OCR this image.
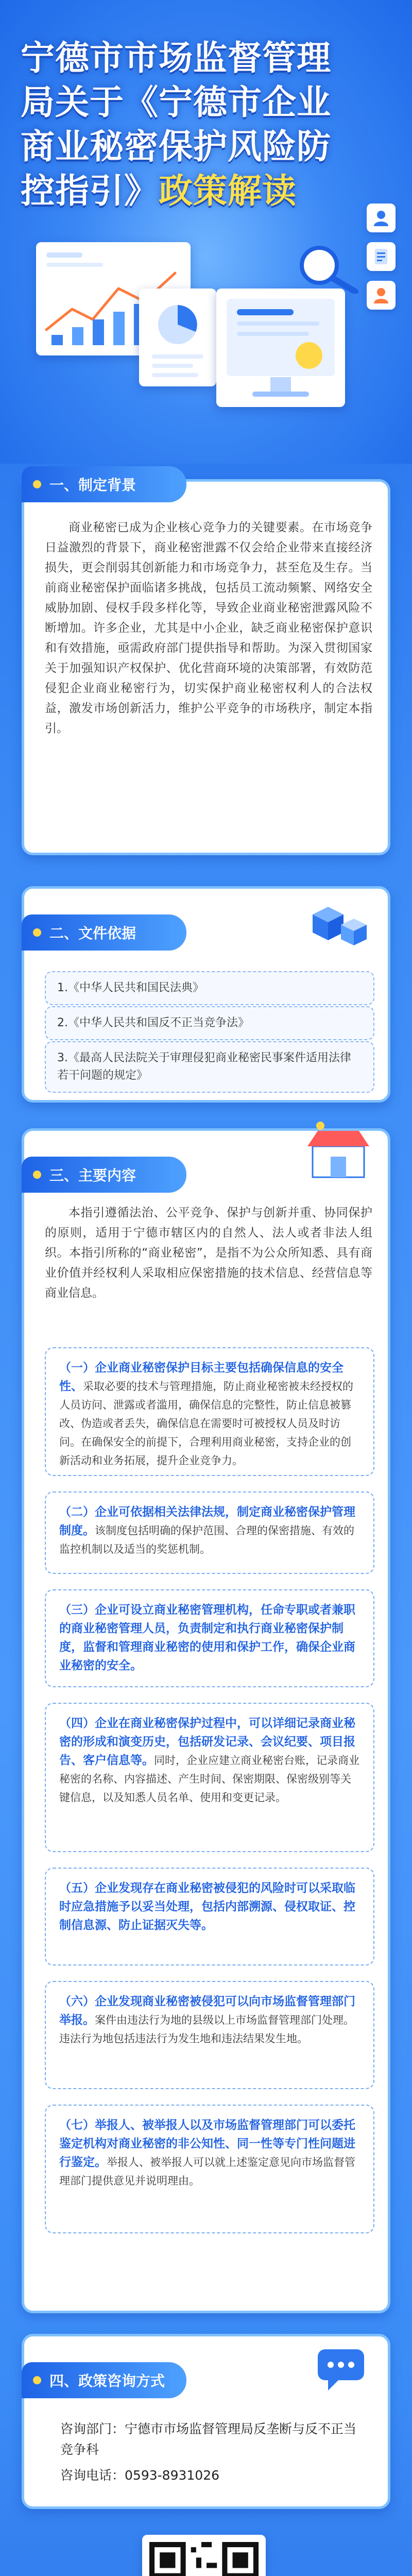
宁德市市场监督管理
局关于《宁德市企业
商业秘密保护风险防
控指引》政策解读
一、制定背景
商业秘密已成为企业核心竞争力的关键要素。在市场竞争日益激烈的背景下，商业秘密泄露不仅会给企业带来直接经济损失，更会削弱其创新能力和市场竞争力，甚至危及生存。当前商业秘密保护面临诸多挑战，包括员工流动频繁、网络安全威胁加剧、侵权手段多样化等，导致企业商业秘密泄露风险不断增加。许多企业，尤其是中小企业，缺乏商业秘密保护意识和有效措施，亟需政府部门提供指导和帮助。为深入贯彻国家关于加强知识产权保护、优化营商环境的决策部署，有效防范侵犯企业商业秘密行为，切实保护商业秘密权利人的合法权益，激发市场创新活力，维护公平竞争的市场秩序，制定本指引。
二、文件依据
1.《中华人民共和国民法典》
2.《中华人民共和国反不正当竞争法》
3.《最高人民法院关于审理侵犯商业秘密民事案件适用法律若干问题的规定》
三、主要内容
本指引遵循法治、公平竞争、保护与创新并重、协同保护的原则，适用于宁德市辖区内的自然人、法人或者非法人组织。本指引所称的“商业秘密”，是指不为公众所知悉、具有商业价值并经权利人采取相应保密措施的技术信息、经营信息等商业信息。
（一）企业商业秘密保护目标主要包括确保信息的安全性、采取必要的技术与管理措施，防止商业秘密被未经授权的人员访问、泄露或者滥用，确保信息的完整性，防止信息被篡改、伪造或者丢失，确保信息在需要时可被授权人员及时访问。在确保安全的前提下，合理利用商业秘密，支持企业的创新活动和业务拓展，提升企业竞争力。
（二）企业可依据相关法律法规，制定商业秘密保护管理制度。该制度包括明确的保护范围、合理的保密措施、有效的监控机制以及适当的奖惩机制。
（三）企业可设立商业秘密管理机构，任命专职或者兼职的商业秘密管理人员，负责制定和执行商业秘密保护制度，监督和管理商业秘密的使用和保护工作，确保企业商业秘密的安全。
（四）企业在商业秘密保护过程中，可以详细记录商业秘密的形成和演变历史，包括研发记录、会议纪要、项目报告、客户信息等。同时，企业应建立商业秘密台账，记录商业秘密的名称、内容描述、产生时间、保密期限、保密级别等关键信息，以及知悉人员名单、使用和变更记录。
（五）企业发现存在商业秘密被侵犯的风险时可以采取临时应急措施予以妥当处理，包括内部溯源、侵权取证、控制信息源、防止证据灭失等。
（六）企业发现商业秘密被侵犯可以向市场监督管理部门举报。案件由违法行为地的县级以上市场监督管理部门处理。违法行为地包括违法行为发生地和违法结果发生地。
（七）举报人、被举报人以及市场监督管理部门可以委托鉴定机构对商业秘密的非公知性、同一性等专门性问题进行鉴定。举报人、被举报人可以就上述鉴定意见向市场监督管理部门提供意见并说明理由。
四、政策咨询方式
咨询部门：宁德市市场监督管理局反垄断与反不正当竞争科
咨询电话：0593-8931026
